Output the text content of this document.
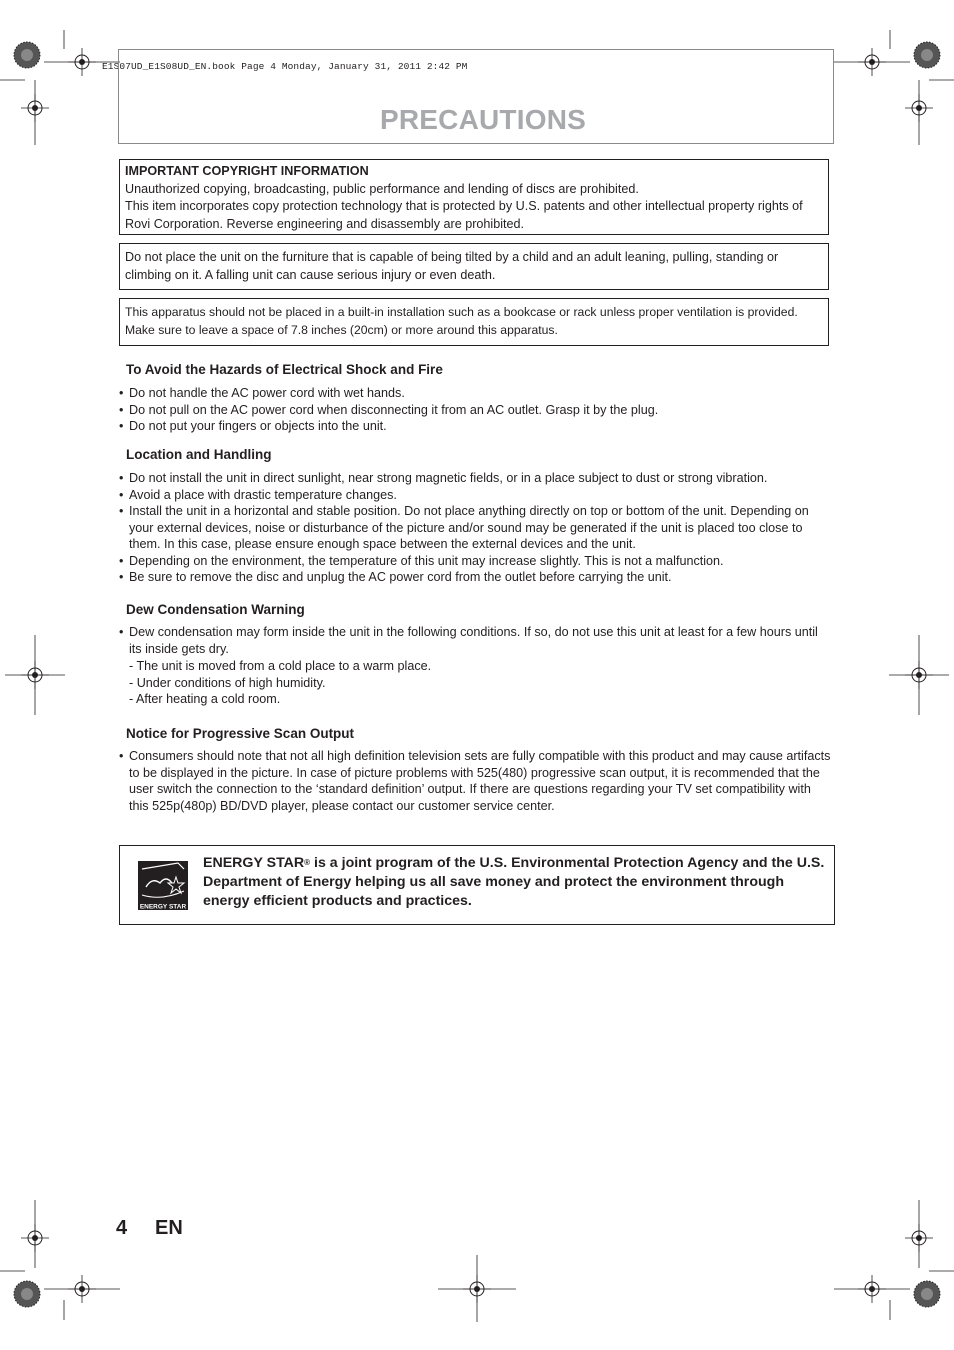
E1S07UD_E1S08UD_EN.book Page 4 Monday, January 31, 2011 2:42 PM
PRECAUTIONS

IMPORTANT COPYRIGHT INFORMATION

Unauthorized copying, broadcasting, public performance and lending of discs are prohibited.

This item incorporates copy protection technology that is protected by U.S. patents and other intellectual property rights of Rovi Corporation. Reverse engineering and disassembly are prohibited.

Do not place the unit on the furniture that is capable of being tilted by a child and an adult leaning, pulling, standing or climbing on it. A falling unit can cause serious injury or even death.

This apparatus should not be placed in a built-in installation such as a bookcase or rack unless proper ventilation is provided.

Make sure to leave a space of 7.8 inches (20cm) or more around this apparatus.

To Avoid the Hazards of Electrical Shock and Fire
• Do not handle the AC power cord with wet hands.
• Do not pull on the AC power cord when disconnecting it from an AC outlet. Grasp it by the plug.
• Do not put your fingers or objects into the unit.
Location and Handling
• Do not install the unit in direct sunlight, near strong magnetic fields, or in a place subject to dust or strong vibration.
• Avoid a place with drastic temperature changes.
• Install the unit in a horizontal and stable position. Do not place anything directly on top or bottom of the unit. Depending on your external devices, noise or disturbance of the picture and/or sound may be generated if the unit is placed too close to them. In this case, please ensure enough space between the external devices and the unit.
• Depending on the environment, the temperature of this unit may increase slightly. This is not a malfunction.
• Be sure to remove the disc and unplug the AC power cord from the outlet before carrying the unit.
Dew Condensation Warning
• Dew condensation may form inside the unit in the following conditions. If so, do not use this unit at least for a few hours until its inside gets dry.
- The unit is moved from a cold place to a warm place.
- Under conditions of high humidity.
- After heating a cold room.
Notice for Progressive Scan Output
• Consumers should note that not all high definition television sets are fully compatible with this product and may cause artifacts to be displayed in the picture. In case of picture problems with 525(480) progressive scan output, it is recommended that the user switch the connection to the ‘standard definition’ output. If there are questions regarding your TV set compatibility with this 525p(480p) BD/DVD player, please contact our customer service center.
ENERGY STAR
ENERGY STAR® is a joint program of the U.S. Environmental Protection Agency and the U.S. Department of Energy helping us all save money and protect the environment through energy efficient products and practices.
4 EN
